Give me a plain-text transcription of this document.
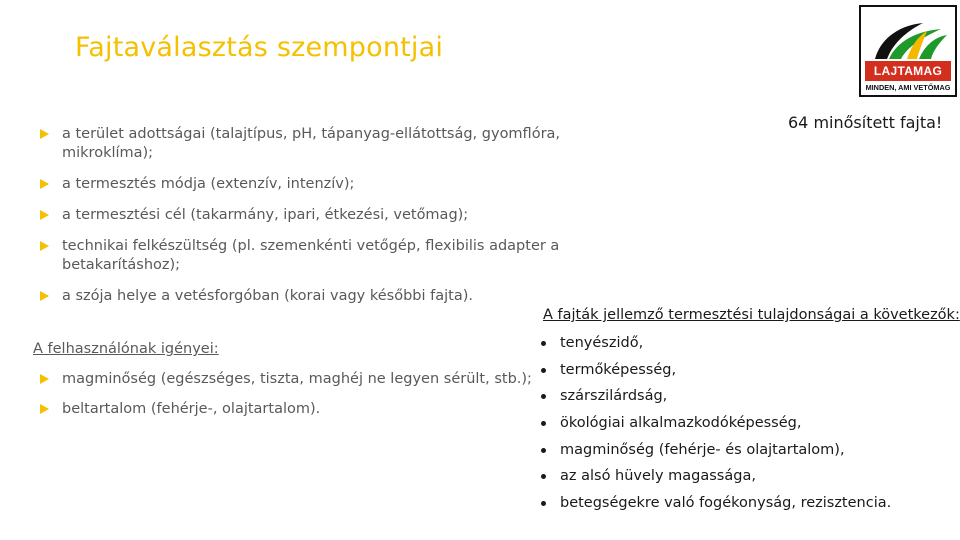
Fajtaválasztás szempontjai
LAJTAMAG
MINDEN, AMI VETŐMAG
64 minősített fajta!
a terület adottságai (talajtípus, pH, tápanyag-ellátottság, gyomflóra, mikroklíma);
a termesztés módja (extenzív, intenzív);
a termesztési cél (takarmány, ipari, étkezési, vetőmag);
technikai felkészültség (pl. szemenkénti vetőgép, flexibilis adapter a betakarításhoz);
a szója helye a vetésforgóban (korai vagy későbbi fajta).
A felhasználónak igényei:
magminőség (egészséges, tiszta, maghéj ne legyen sérült, stb.);
beltartalom (fehérje-, olajtartalom).
A fajták jellemző termesztési tulajdonságai a következők:
tenyészidő,
termőképesség,
szárszilárdság,
ökológiai alkalmazkodóképesség,
magminőség (fehérje- és olajtartalom),
az alsó hüvely magassága,
betegségekre való fogékonyság, rezisztencia.
